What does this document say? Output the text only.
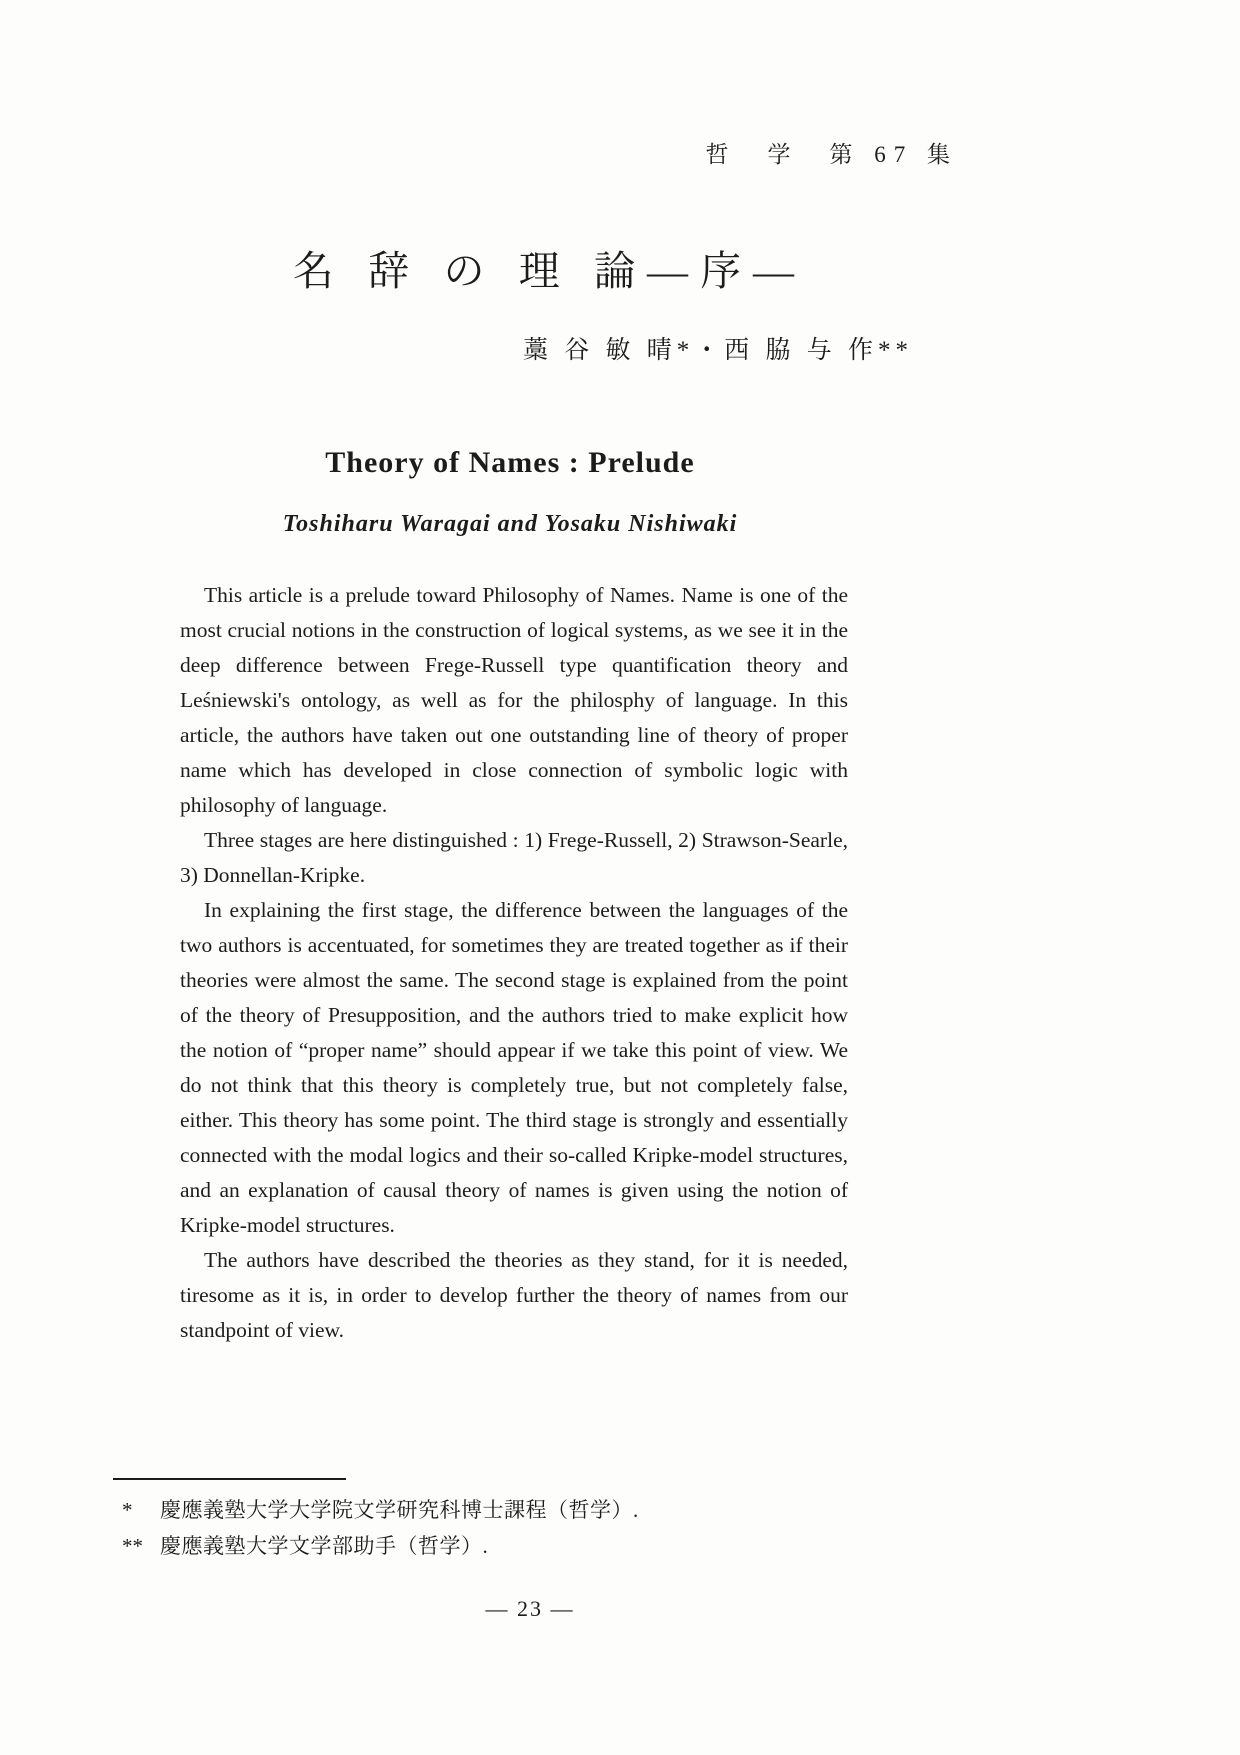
哲　学　第 67 集
名 辞 の 理 論—序—
藁 谷 敏 晴*・西 脇 与 作**
Theory of Names : Prelude
Toshiharu Waragai and Yosaku Nishiwaki

This article is a prelude toward Philosophy of Names. Name is one of the most crucial notions in the construction of logical systems, as we see it in the deep difference between Frege-Russell type quantification theory and Leśniewski's ontology, as well as for the philosphy of language. In this article, the authors have taken out one outstanding line of theory of proper name which has developed in close connection of symbolic logic with philosophy of language.

Three stages are here distinguished : 1) Frege-Russell, 2) Strawson-Searle, 3) Donnellan-Kripke.

In explaining the first stage, the difference between the languages of the two authors is accentuated, for sometimes they are treated together as if their theories were almost the same. The second stage is explained from the point of the theory of Presupposition, and the authors tried to make explicit how the notion of “proper name” should appear if we take this point of view. We do not think that this theory is completely true, but not completely false, either. This theory has some point. The third stage is strongly and essentially connected with the modal logics and their so-called Kripke-model structures, and an explanation of causal theory of names is given using the notion of Kripke-model structures.

The authors have described the theories as they stand, for it is needed, tiresome as it is, in order to develop further the theory of names from our standpoint of view.

*	慶應義塾大学大学院文学研究科博士課程（哲学）.
** 慶應義塾大学文学部助手（哲学）.
— 23 —
